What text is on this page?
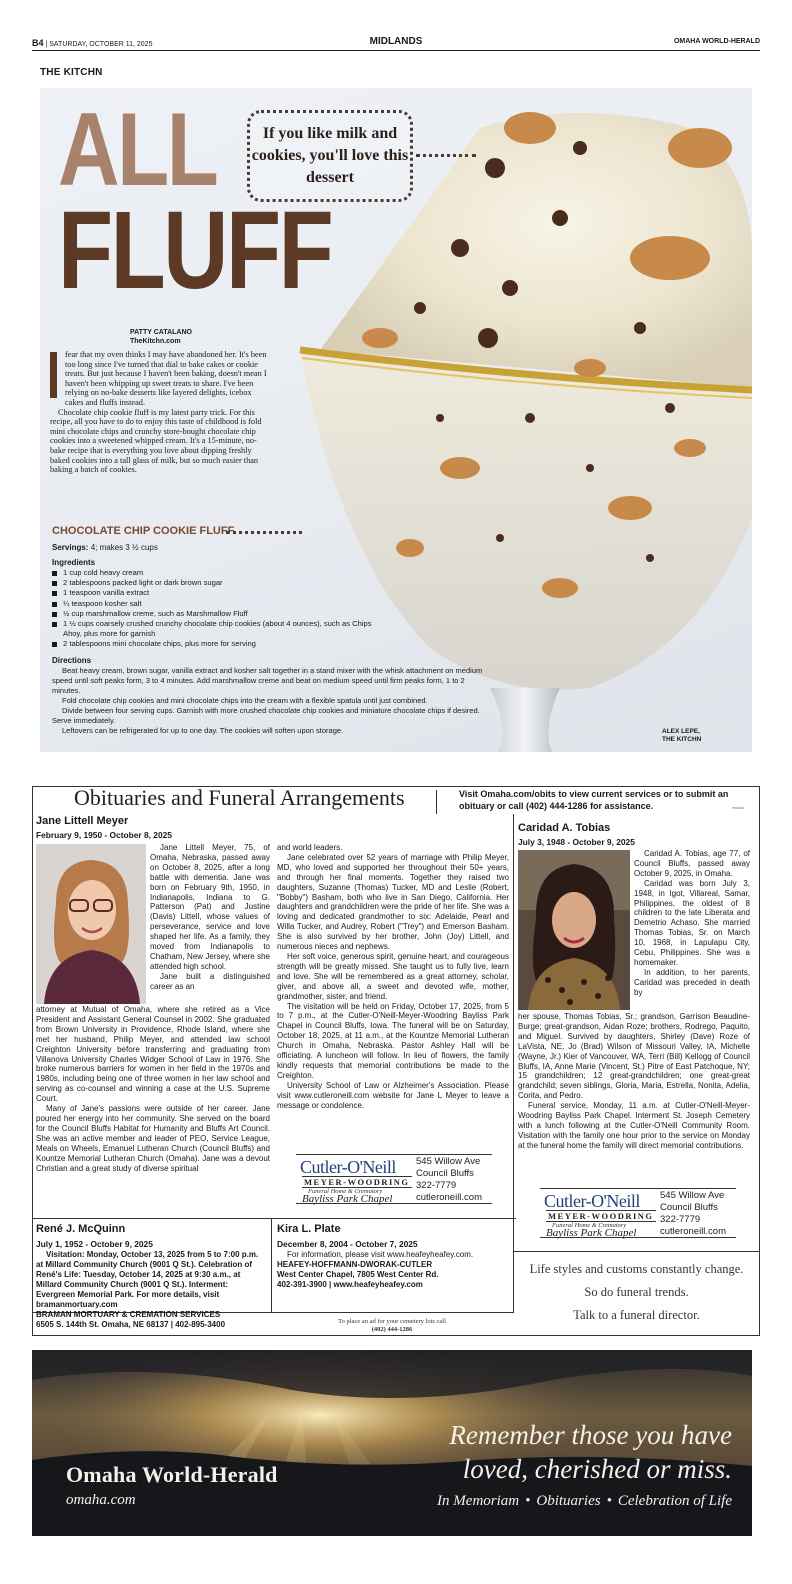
B4 | SATURDAY, OCTOBER 11, 2025	MIDLANDS	OMAHA WORLD-HERALD
THE KITCHN
ALL
FLUFF
If you like milk and cookies, you'll love this dessert
PATTY CATALANO
TheKitchn.com

fear that my oven thinks I may have abandoned her. It's been too long since I've turned that dial to bake cakes or cookie treats. But just because I haven't been baking, doesn't mean I haven't been whipping up sweet treats to share. I've been relying on no-bake desserts like layered delights, icebox cakes and fluffs instead.

Chocolate chip cookie fluff is my latest party trick. For this recipe, all you have to do to enjoy this taste of childhood is fold mini chocolate chips and crunchy store-bought chocolate chip cookies into a sweetened whipped cream. It's a 15-minute, no-bake recipe that is everything you love about dipping freshly baked cookies into a tall glass of milk, but so much easier than baking a batch of cookies.

CHOCOLATE CHIP COOKIE FLUFF
Servings: 4; makes 3 ½ cups
Ingredients
1 cup cold heavy cream
2 tablespoons packed light or dark brown sugar
1 teaspoon vanilla extract
¼ teaspoon kosher salt
½ cup marshmallow creme, such as Marshmallow Fluff
1 ½ cups coarsely crushed crunchy chocolate chip cookies (about 4 ounces), such as Chips Ahoy, plus more for garnish
2 tablespoons mini chocolate chips, plus more for serving
Directions

Beat heavy cream, brown sugar, vanilla extract and kosher salt together in a stand mixer with the whisk attachment on medium speed until soft peaks form, 3 to 4 minutes. Add marshmallow creme and beat on medium speed until firm peaks form, 1 to 2 minutes.

Fold chocolate chip cookies and mini chocolate chips into the cream with a flexible spatula until just combined.

Divide between four serving cups. Garnish with more crushed chocolate chip cookies and miniature chocolate chips if desired. Serve immediately.

Leftovers can be refrigerated for up to one day. The cookies will soften upon storage.	ALEX LEPE,
THE KITCHN
Obituaries and Funeral Arrangements	Visit Omaha.com/obits to view current services or to submit an obituary or call (402) 444-1286 for assistance.	7509118
Jane Littell Meyer
February 9, 1950 - October 8, 2025

Jane Littell Meyer, 75, of Omaha, Nebraska, passed away on October 8, 2025, after a long battle with dementia. Jane was born on February 9th, 1950, in Indianapolis, Indiana to G. Patterson (Pat) and Justine (Davis) Littell, whose values of perseverance, service and love shaped her life. As a family, they moved from Indianapolis to Chatham, New Jersey, where she attended high school.

Jane built a distinguished career as an

attorney at Mutual of Omaha, where she retired as a Vice President and Assistant General Counsel in 2002. She graduated from Brown University in Providence, Rhode Island, where she met her husband, Philip Meyer, and attended law school Creighton University before transferring and graduating from Villanova University Charles Widger School of Law in 1976. She broke numerous barriers for women in her field in the 1970s and 1980s, including being one of three women in her law school and serving as co-counsel and winning a case at the U.S. Supreme Court.

Many of Jane's passions were outside of her career. Jane poured her energy into her community. She served on the board for the Council Bluffs Habitat for Humanity and Bluffs Art Council. She was an active member and leader of PEO, Service League, Meals on Wheels, Emanuel Lutheran Church (Council Bluffs) and Kountze Memorial Lutheran Church (Omaha). Jane was a devout Christian and a great study of diverse spiritual

and world leaders.

Jane celebrated over 52 years of marriage with Philip Meyer, MD, who loved and supported her throughout their 50+ years, and through her final moments. Together they raised two daughters, Suzanne (Thomas) Tucker, MD and Leslie (Robert, "Bobby") Basham, both who live in San Diego, California. Her daughters and grandchildren were the pride of her life. She was a loving and dedicated grandmother to six: Adelaide, Pearl and Willa Tucker, and Audrey, Robert ("Trey") and Emerson Basham. She is also survived by her brother, John (Joy) Littell, and numerous nieces and nephews.

Her soft voice, generous spirit, genuine heart, and courageous strength will be greatly missed. She taught us to fully live, learn and love. She will be remembered as a great attorney, scholar, giver, and above all, a sweet and devoted wife, mother, grandmother, sister, and friend.

The visitation will be held on Friday, October 17, 2025, from 5 to 7 p.m., at the Cutler-O'Neill-Meyer-Woodring Bayliss Park Chapel in Council Bluffs, Iowa. The funeral will be on Saturday, October 18, 2025, at 11 a.m., at the Kountze Memorial Lutheran Church in Omaha, Nebraska. Pastor Ashley Hall will be officiating. A luncheon will follow. In lieu of flowers, the family kindly requests that memorial contributions be made to the Creighton.

University School of Law or Alzheimer's Association. Please visit www.cutleroneill.com website for Jane L Meyer to leave a message or condolence.

Cutler-O'Neill
MEYER-WOODRING
Funeral Home & Crematory
Bayliss Park Chapel
545 Willow Ave
Council Bluffs
322-7779
cutleroneill.com
Caridad A. Tobias
July 3, 1948 - October 9, 2025

Caridad A. Tobias, age 77, of Council Bluffs, passed away October 9, 2025, in Omaha.

Caridad was born July 3, 1948, in Igot, Villareal, Samar, Philippines, the oldest of 8 children to the late Liberata and Demetrio Achaso. She married Thomas Tobias, Sr. on March 10, 1968, in Lapulapu City, Cebu, Philippines. She was a homemaker.

In addition, to her parents, Caridad was preceded in death by

her spouse, Thomas Tobias, Sr.; grandson, Garrison Beaudine-Burge; great-grandson, Aidan Roze; brothers, Rodrego, Paquito, and Miguel. Survived by daughters, Shirley (Dave) Roze of LaVista, NE, Jo (Brad) Wilson of Missouri Valley, IA, Michelle (Wayne, Jr.) Kier of Vancouver, WA, Terri (Bill) Kellogg of Council Bluffs, IA, Anne Marie (Vincent, St.) Pitre of East Patchoque, NY; 15 grandchildren; 12 great-grandchildren; one great-great grandchild; seven siblings, Gloria, Maria, Estrella, Nonita, Adelia, Corita, and Pedro.

Funeral service, Monday, 11 a.m. at Cutler-O'Neill-Meyer-Woodring Bayliss Park Chapel. Interment St. Joseph Cemetery with a lunch following at the Cutler-O'Neill Community Room. Visitation with the family one hour prior to the service on Monday at the funeral home the family will direct memorial contributions.

Cutler-O'Neill
MEYER-WOODRING
Funeral Home & Crematory
Bayliss Park Chapel
545 Willow Ave
Council Bluffs
322-7779
cutleroneill.com
René J. McQuinn
July 1, 1952 - October 9, 2025
Visitation: Monday, October 13, 2025 from 5 to 7:00 p.m. at Millard Community Church (9001 Q St.). Celebration of René's Life: Tuesday, October 14, 2025 at 9:30 a.m., at Millard Community Church (9001 Q St.). Interment: Evergreen Memorial Park. For more details, visit bramanmortuary.com
BRAMAN MORTUARY & CREMATION SERVICES
6505 S. 144th St. Omaha, NE 68137 | 402-895-3400
Kira L. Plate
December 8, 2004 - October 7, 2025
For information, please visit www.heafeyheafey.com.
HEAFEY-HOFFMANN-DWORAK-CUTLER
West Center Chapel, 7805 West Center Rd.
402-391-3900 | www.heafeyheafey.com
Life styles and customs constantly change.
So do funeral trends.
Talk to a funeral director.
To place an ad for your cemetery lots call
(402) 444-1286
Omaha World-Herald
omaha.com
Remember those you have
loved, cherished or miss.
In Memoriam • Obituaries • Celebration of Life
